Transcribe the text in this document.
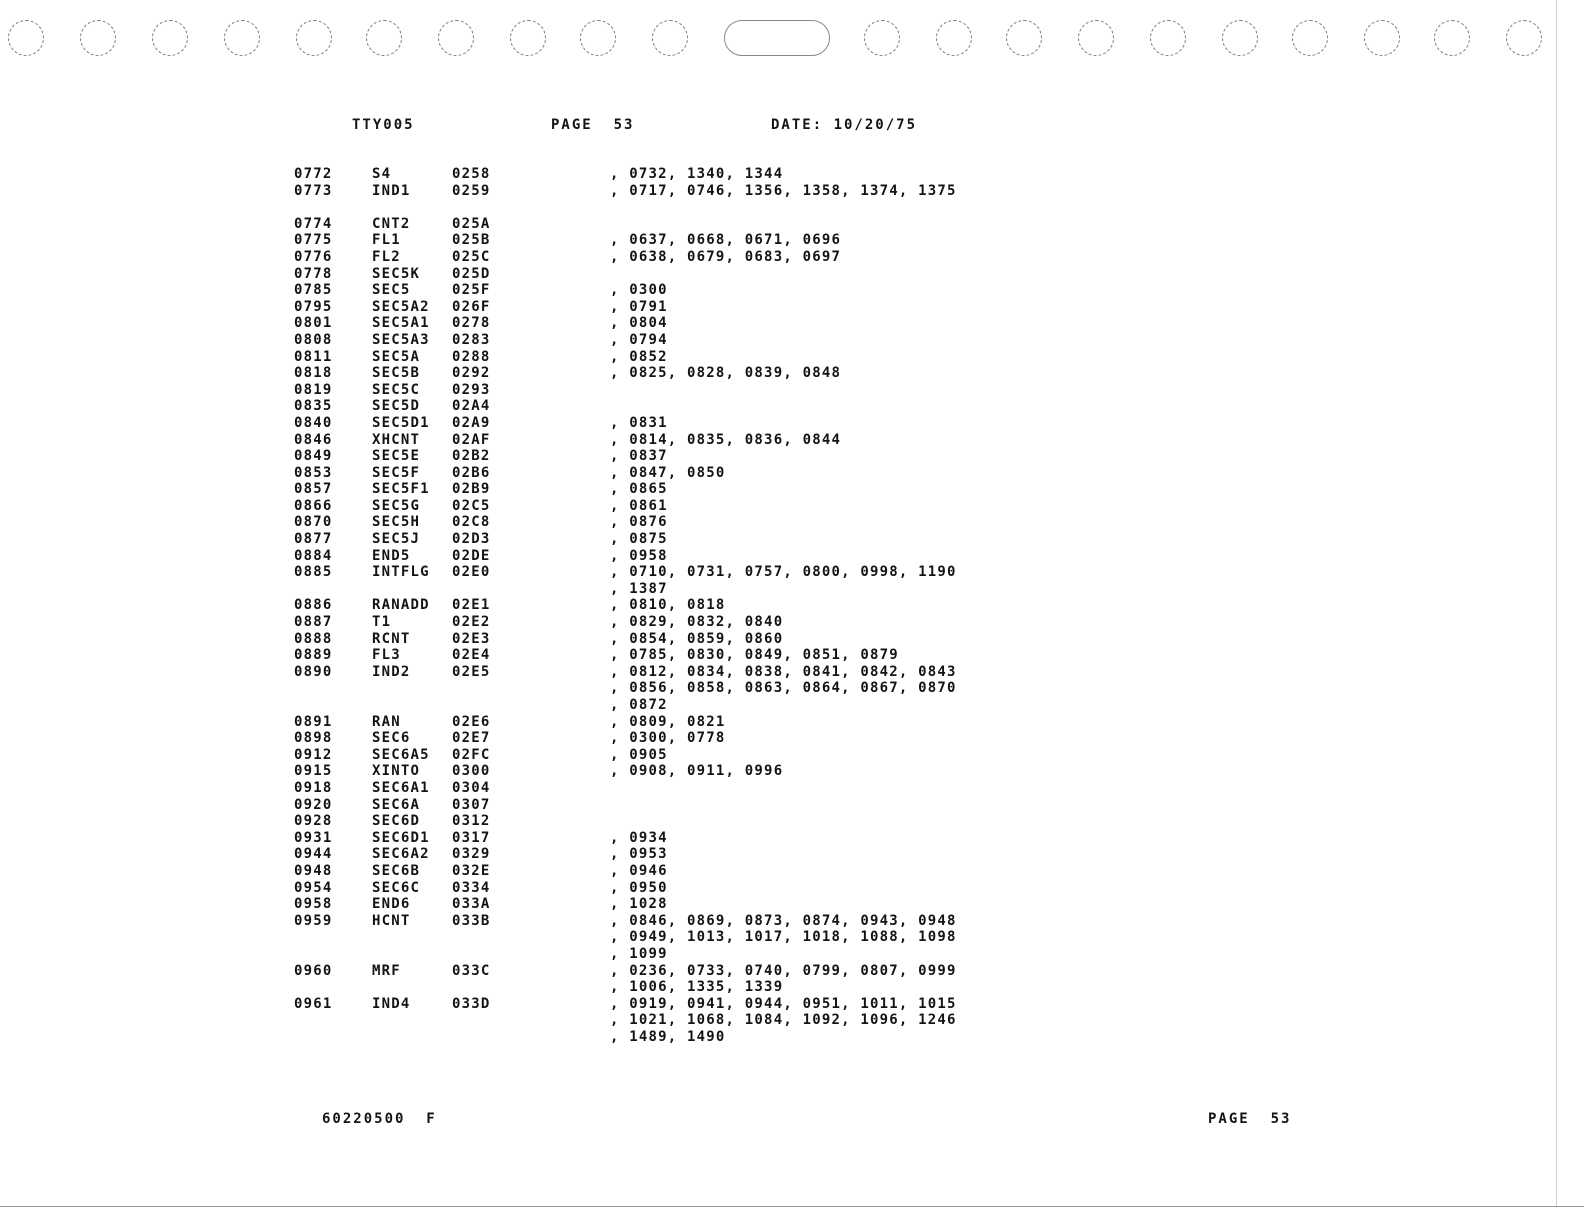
TTY005	PAGE  53	DATE: 10/20/75
0772	S4	0258	, 0732, 1340, 1344
0773	IND1	0259	, 0717, 0746, 1356, 1358, 1374, 1375
0774	CNT2	025A
0775	FL1	025B	, 0637, 0668, 0671, 0696
0776	FL2	025C	, 0638, 0679, 0683, 0697
0778	SEC5K 025D
0785	SEC5	025F	, 0300
0795	SEC5A2 026F	, 0791
0801	SEC5A1 0278	, 0804
0808	SEC5A3 0283	, 0794
0811	SEC5A 0288	, 0852
0818	SEC5B 0292	, 0825, 0828, 0839, 0848
0819	SEC5C 0293
0835	SEC5D 02A4
0840	SEC5D1 02A9	, 0831
0846	XHCNT 02AF	, 0814, 0835, 0836, 0844
0849	SEC5E 02B2	, 0837
0853	SEC5F 02B6	, 0847, 0850
0857	SEC5F1 02B9	, 0865
0866	SEC5G 02C5	, 0861
0870	SEC5H 02C8	, 0876
0877	SEC5J 02D3	, 0875
0884	END5	02DE	, 0958
0885	INTFLG 02E0	, 0710, 0731, 0757, 0800, 0998, 1190
, 1387
0886	RANADD 02E1	, 0810, 0818
0887	T1	02E2	, 0829, 0832, 0840
0888	RCNT	02E3	, 0854, 0859, 0860
0889	FL3	02E4	, 0785, 0830, 0849, 0851, 0879
0890	IND2	02E5	, 0812, 0834, 0838, 0841, 0842, 0843
, 0856, 0858, 0863, 0864, 0867, 0870
, 0872
0891	RAN	02E6	, 0809, 0821
0898	SEC6	02E7	, 0300, 0778
0912	SEC6A5 02FC	, 0905
0915	XINTO 0300	, 0908, 0911, 0996
0918	SEC6A1 0304
0920	SEC6A 0307
0928	SEC6D 0312
0931	SEC6D1 0317	, 0934
0944	SEC6A2 0329	, 0953
0948	SEC6B 032E	, 0946
0954	SEC6C 0334	, 0950
0958	END6	033A	, 1028
0959	HCNT	033B	, 0846, 0869, 0873, 0874, 0943, 0948
, 0949, 1013, 1017, 1018, 1088, 1098
, 1099
0960	MRF	033C	, 0236, 0733, 0740, 0799, 0807, 0999
, 1006, 1335, 1339
0961	IND4	033D	, 0919, 0941, 0944, 0951, 1011, 1015
, 1021, 1068, 1084, 1092, 1096, 1246
, 1489, 1490
60220500  F	PAGE  53
